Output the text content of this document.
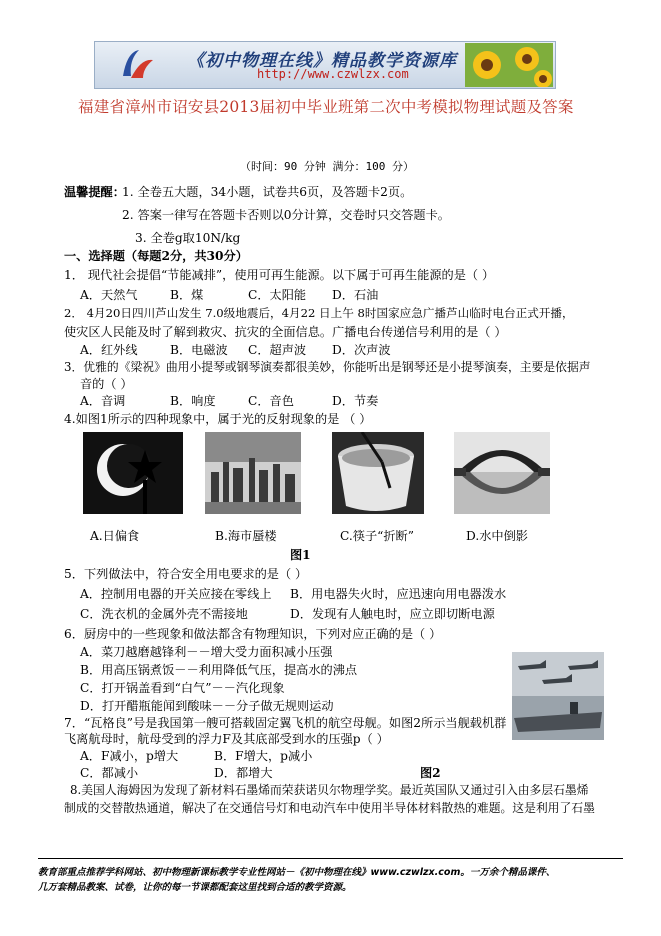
《初中物理在线》精品教学资源库
http://www.czwlzx.com
福建省漳州市诏安县2013届初中毕业班第二次中考模拟物理试题及答案
（时间：90 分钟 满分：100 分）
温馨提醒：
1. 全卷五大题，34小题，试卷共6页，及答题卡2页。
2. 答案一律写在答题卡否则以0分计算，交卷时只交答题卡。
3. 全卷g取10N/kg
一、选择题（每题2分，共30分）
1． 现代社会提倡“节能减排”，使用可再生能源。以下属于可再生能源的是（ ）
A．天然气	B．煤	C．太阳能 D．石油
2． 4月20日四川芦山发生 7.0级地震后，4月22 日上午 8时国家应急广播芦山临时电台正式开播，
使灾区人民能及时了解到救灾、抗灾的全面信息。广播电台传递信号利用的是（ ）
A．红外线	B．电磁波 C．超声波 D．次声波
3．优雅的《梁祝》曲用小提琴或钢琴演奏都很美妙，你能听出是钢琴还是小提琴演奏，主要是依据声
音的（ ）
A．音调	B．响度	C．音色	D．节奏
4.如图1所示的四种现象中，属于光的反射现象的是 （ ）
A.日偏食	B.海市蜃楼	C.筷子“折断”	D.水中倒影
图1
5．下列做法中，符合安全用电要求的是（ ）
A．控制用电器的开关应接在零线上 B．用电器失火时，应迅速向用电器泼水
C．洗衣机的金属外壳不需接地	D．发现有人触电时，应立即切断电源
6．厨房中的一些现象和做法都含有物理知识，下列对应正确的是（ ）
A．菜刀越磨越锋利－－增大受力面积减小压强
B．用高压锅煮饭－－利用降低气压，提高水的沸点
C．打开锅盖看到“白气”－－汽化现象
D．打开醋瓶能闻到酸味－－分子做无规则运动
7．“瓦格良”号是我国第一艘可搭载固定翼飞机的航空母舰。如图2所示当舰载机群
飞离航母时，航母受到的浮力F及其底部受到水的压强p（ ）
A．F减小，p增大	B．F增大，p减小
C．都减小	D．都增大	图2
8.美国人海姆因为发现了新材料石墨烯而荣获诺贝尔物理学奖。最近英国队又通过引入由多层石墨烯
制成的交替散热通道，解决了在交通信号灯和电动汽车中使用半导体材料散热的难题。这是利用了石墨
教育部重点推荐学科网站、初中物理新课标教学专业性网站－《初中物理在线》www.czwlzx.com。一万余个精品课件、
几万套精品教案、试卷，让你的每一节课都配套这里找到合适的教学资源。
